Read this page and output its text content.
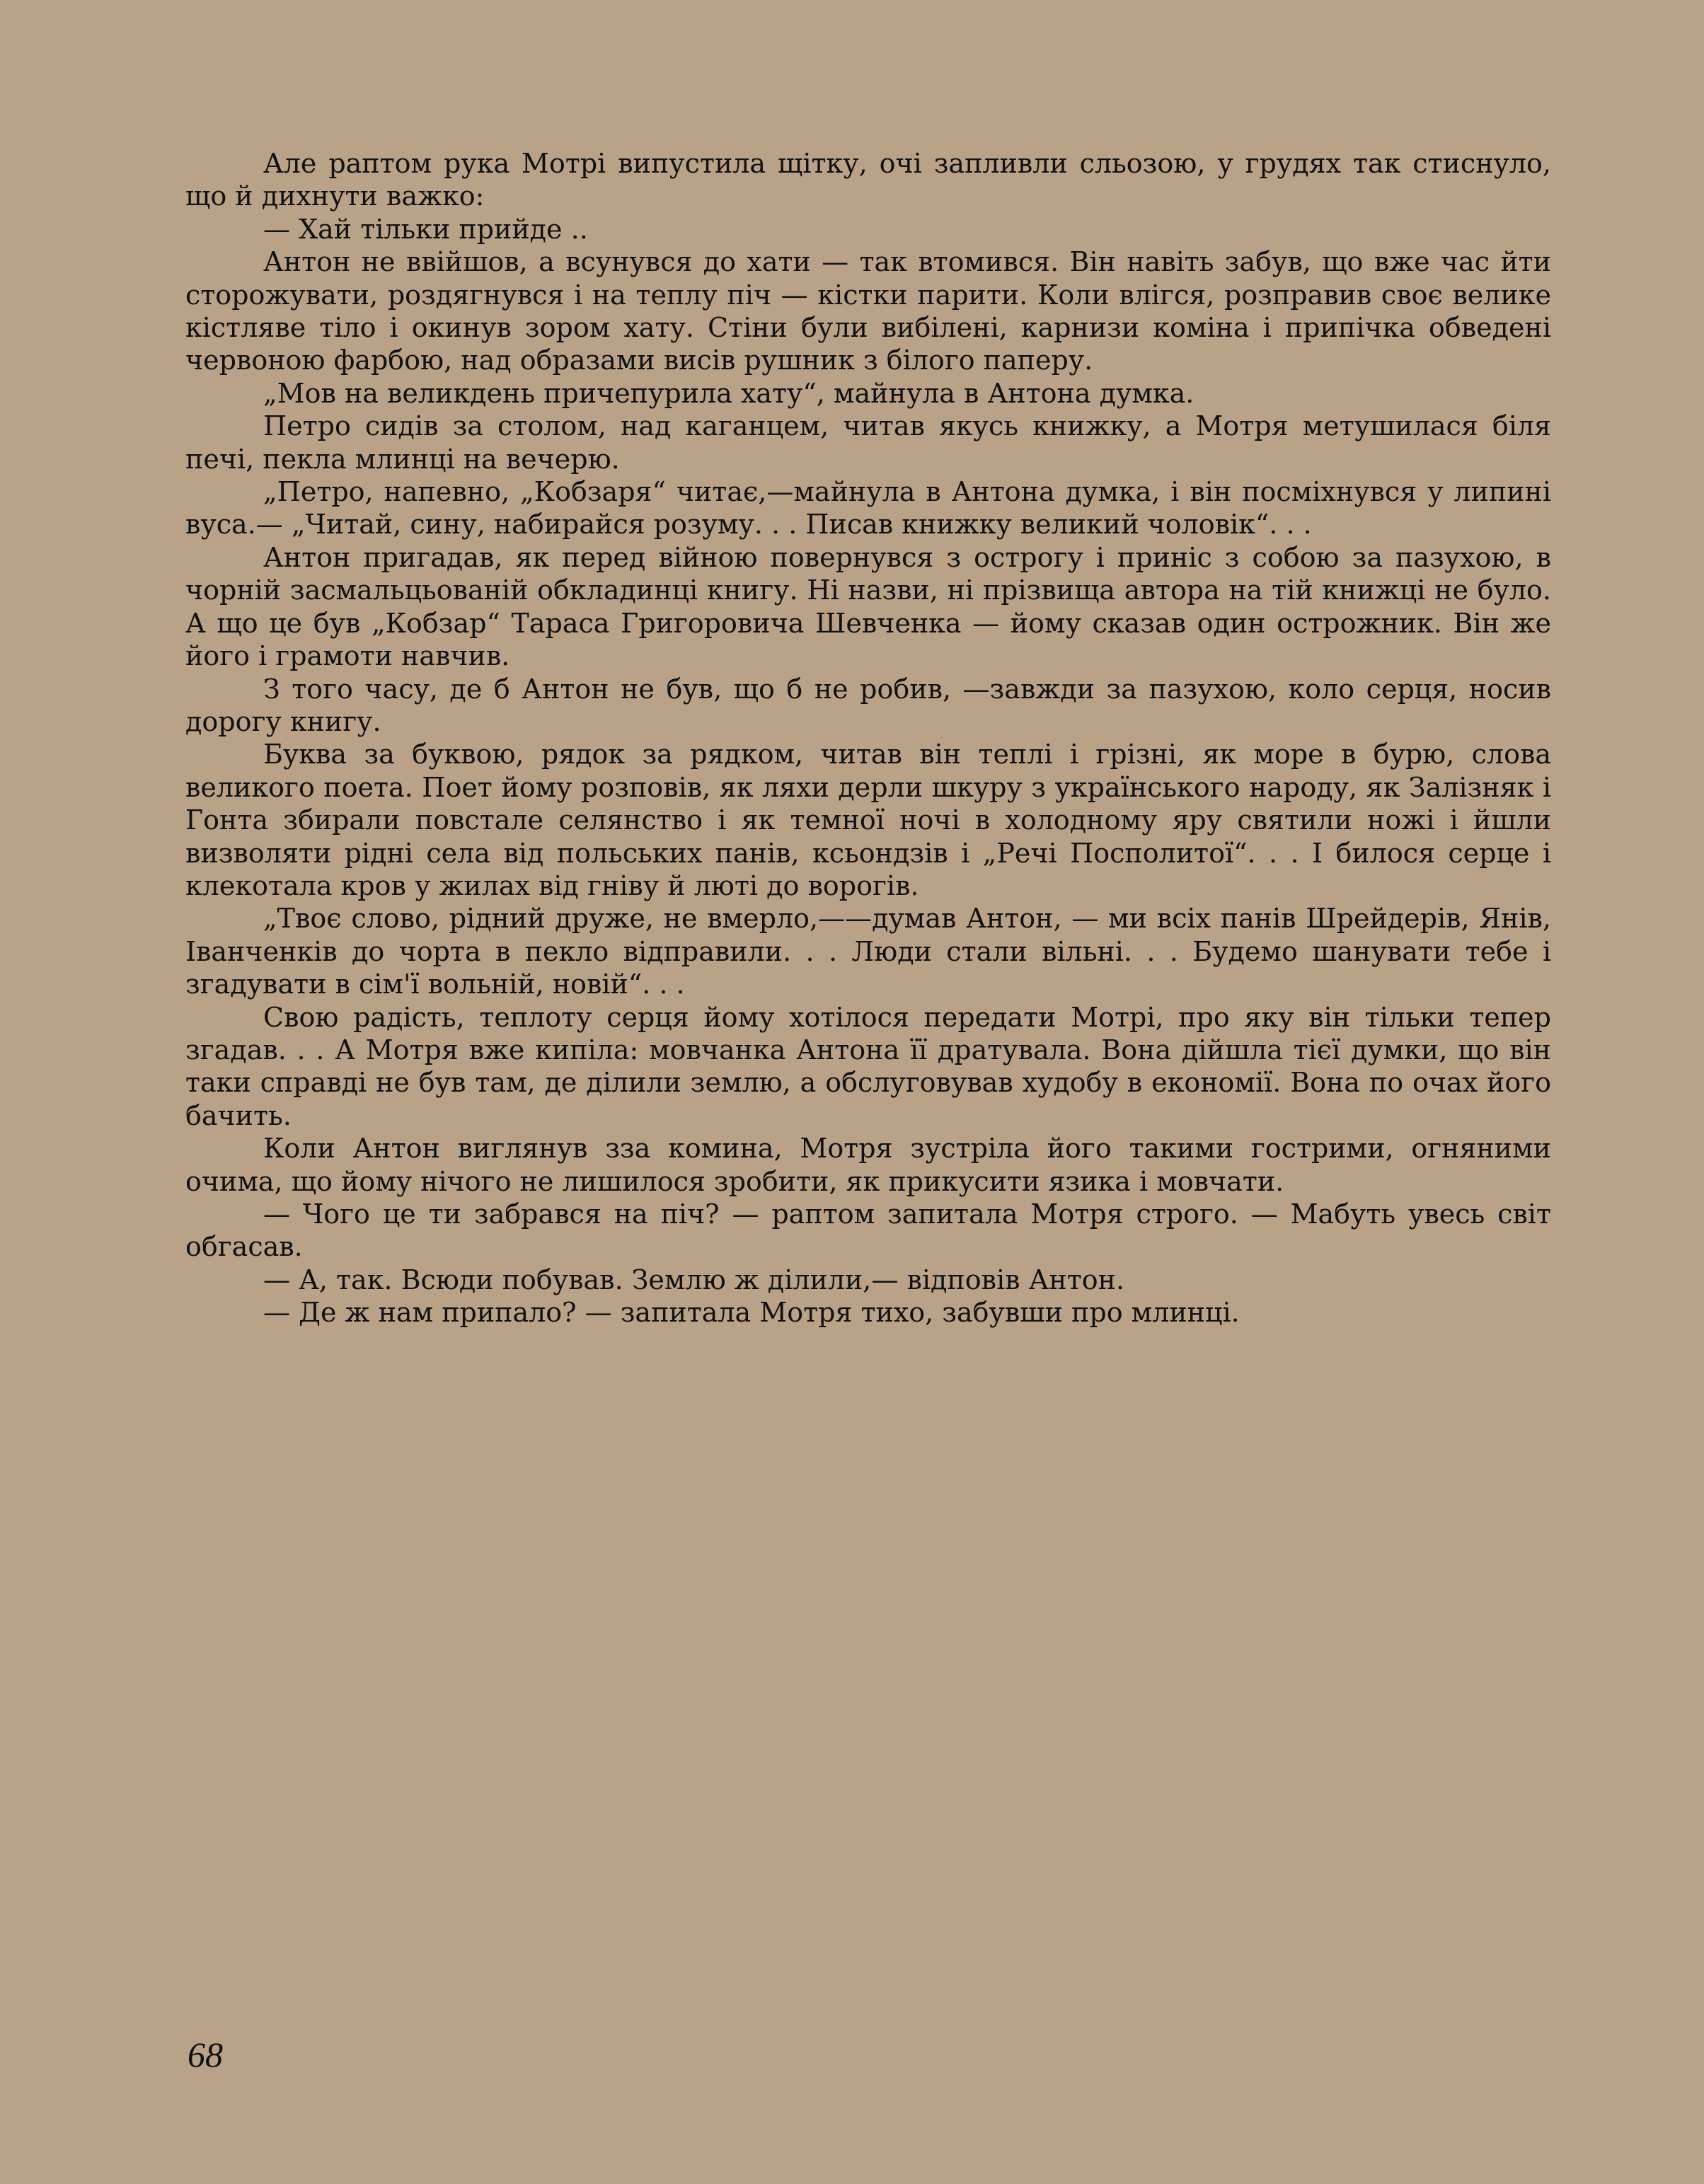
Але раптом рука Мотрі випустила щітку, очі запливли сльозою, у грудях так стиснуло, що й дихнути важко:

— Хай тільки прийде ..

Антон не ввійшов, а всунувся до хати — так втомився. Він навіть забув, що вже час йти сторожувати, роздягнувся і на теплу піч — кістки парити. Коли влігся, розправив своє велике кістляве тіло і окинув зором хату. Стіни були вибілені, карнизи коміна і припічка обведені червоною фарбою, над образами висів рушник з білого паперу.

„Мов на великдень причепурила хату“, майнула в Антона думка.

Петро сидів за столом, над каганцем, читав якусь книжку, а Мотря метушилася біля печі, пекла млинці на вечерю.

„Петро, напевно, „Кобзаря“ читає,—майнула в Антона думка, і він посміхнувся у липині вуса.— „Читай, сину, набирайся розуму. . . Писав книжку великий чоловік“. . .

Антон пригадав, як перед війною повернувся з острогу і приніс з собою за пазухою, в чорній засмальцьованій обкладинці книгу. Ні назви, ні прізвища автора на тій книжці не було. А що це був „Кобзар“ Тараса Григоровича Шевченка — йому сказав один острожник. Він же його і грамоти навчив.

З того часу, де б Антон не був, що б не робив, —завжди за пазухою, коло серця, носив дорогу книгу.

Буква за буквою, рядок за рядком, читав він теплі і грізні, як море в бурю, слова великого поета. Поет йому розповів, як ляхи дерли шкуру з українського народу, як Залізняк і Гонта збирали повстале селянство і як темної ночі в холодному яру святили ножі і йшли визволяти рідні села від польських панів, ксьондзів і „Речі Посполитої“. . . І билося серце і клекотала кров у жилах від гніву й люті до ворогів.

„Твоє слово, рідний друже, не вмерло,——думав Антон, — ми всіх панів Шрейдерів, Янів, Іванченків до чорта в пекло відправили. . . Люди стали вільні. . . Будемо шанувати тебе і згадувати в сім'ї вольній, новій“. . .

Свою радість, теплоту серця йому хотілося передати Мотрі, про яку він тільки тепер згадав. . . А Мотря вже кипіла: мовчанка Антона її дратувала. Вона дійшла тієї думки, що він таки справді не був там, де ділили землю, а обслуговував худобу в економії. Вона по очах його бачить.

Коли Антон виглянув зза комина, Мотря зустріла його такими гострими, огняними очима, що йому нічого не лишилося зробити, як прикусити язика і мовчати.

— Чого це ти забрався на піч? — раптом запитала Мотря строго. — Мабуть увесь світ обгасав.

— А, так. Всюди побував. Землю ж ділили,— відповів Антон.

— Де ж нам припало? — запитала Мотря тихо, забувши про млинці.

68
